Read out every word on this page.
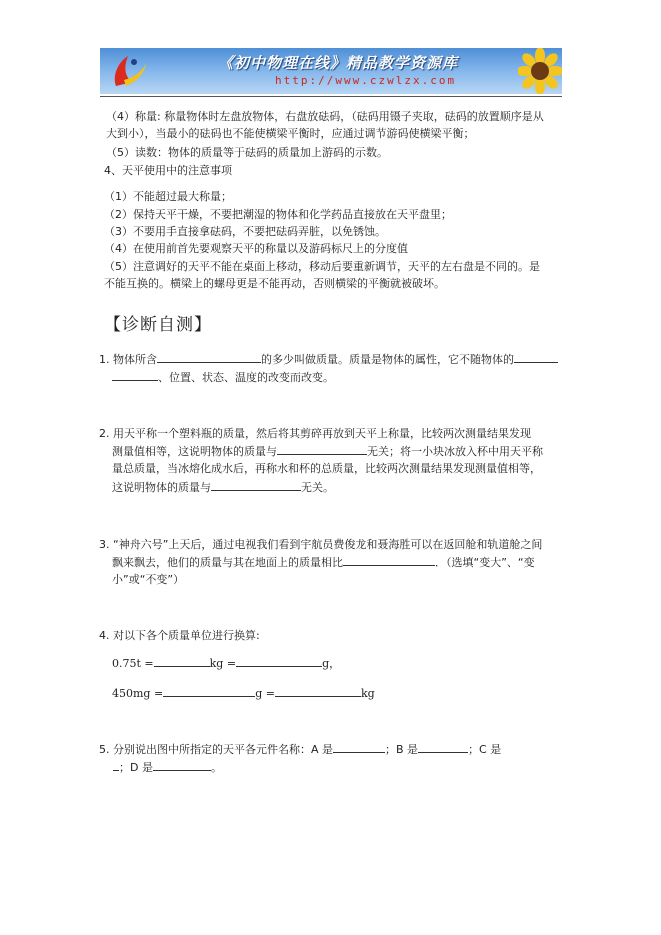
《初中物理在线》精品教学资源库
http://www.czwlzx.com
（4）称量: 称量物体时左盘放物体，右盘放砝码，（砝码用镊子夹取，砝码的放置顺序是从
大到小），当最小的砝码也不能使横梁平衡时，应通过调节游码使横梁平衡；
（5）读数：物体的质量等于砝码的质量加上游码的示数。
4、天平使用中的注意事项
（1）不能超过最大称量；
（2）保持天平干燥，不要把潮湿的物体和化学药品直接放在天平盘里；
（3）不要用手直接拿砝码，不要把砝码弄脏，以免锈蚀。
（4）在使用前首先要观察天平的称量以及游码标尺上的分度值
（5）注意调好的天平不能在桌面上移动，移动后要重新调节，天平的左右盘是不同的。是
不能互换的。横梁上的螺母更是不能再动，否则横梁的平衡就被破坏。
【诊断自测】
1. 物体所含	的多少叫做质量。质量是物体的属性，它不随物体的
、位置、状态、温度的改变而改变。
2. 用天平称一个塑料瓶的质量，然后将其剪碎再放到天平上称量，比较两次测量结果发现
测量值相等，这说明物体的质量与	无关；将一小块冰放入杯中用天平称
量总质量，当冰熔化成水后，再称水和杯的总质量，比较两次测量结果发现测量值相等，
这说明物体的质量与	无关。
3. “神舟六号”上天后，通过电视我们看到宇航员费俊龙和聂海胜可以在返回舱和轨道舱之间
飘来飘去，他们的质量与其在地面上的质量相比	．（选填“变大”、“变
小”或“不变”）
4. 对以下各个质量单位进行换算:
0.75t =	kg =	g，
450mg =	g =	kg
5. 分别说出图中所指定的天平各元件名称：A 是	；B 是	；C 是
；D 是	。
